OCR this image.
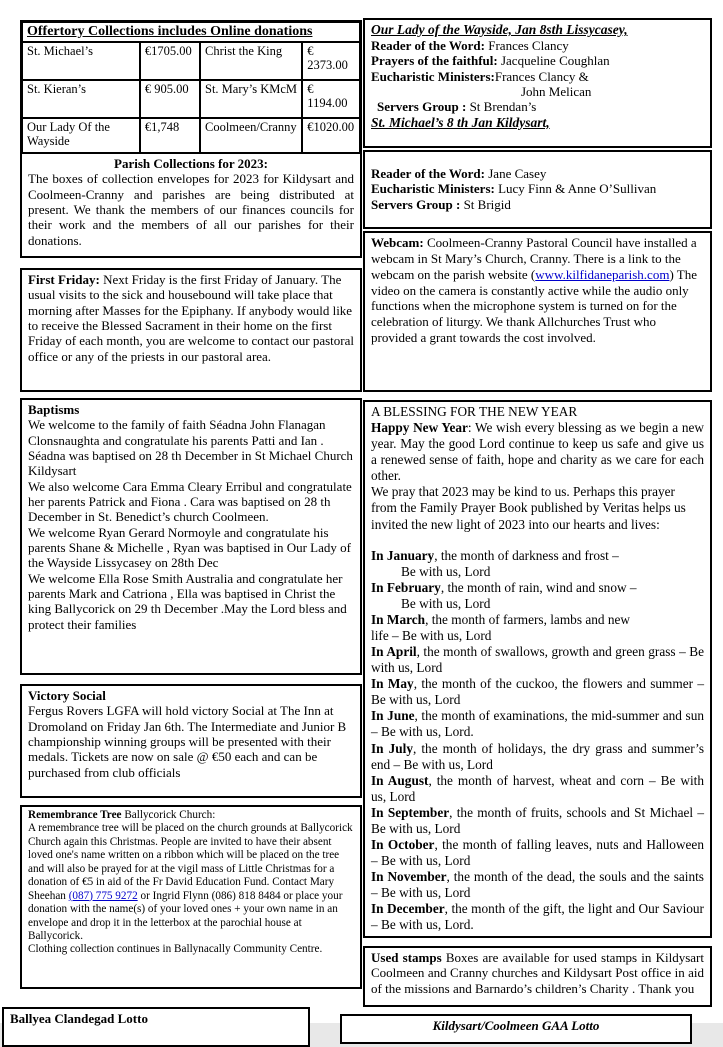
Offertory Collections includes Online donations			
St. Michael’s	€1705.00	Christ the King	€ 2373.00
St. Kieran’s	€ 905.00	St. Mary’s KMcM	€ 1194.00
Our Lady Of the Wayside	€1,748	Coolmeen/Cranny	€1020.00
Parish Collections for 2023:
The boxes of collection envelopes for 2023 for Kildysart and Coolmeen-Cranny and parishes are being distributed at present. We thank the members of our finances councils for their work and the members of all our parishes for their donations.
First Friday: Next Friday is the first Friday of January. The usual visits to the sick and housebound will take place that morning after Masses for the Epiphany. If anybody would like to receive the Blessed Sacrament in their home on the first Friday of each month, you are welcome to contact our pastoral office or any of the priests in our pastoral area.
Baptisms
We welcome to the family of faith Séadna John Flanagan Clonsnaughta and congratulate his parents Patti and Ian . Séadna was baptised on 28 th December in St Michael Church Kildysart
We also welcome Cara Emma Cleary Erribul and congratulate her parents Patrick and Fiona . Cara was baptised on 28 th December in St. Benedict’s church Coolmeen.
We welcome Ryan Gerard Normoyle and congratulate his parents Shane & Michelle , Ryan was baptised in Our Lady of the Wayside Lissycasey on 28th Dec
We welcome Ella Rose Smith Australia and congratulate her parents Mark and Catriona , Ella was baptised in Christ the king Ballycorick on 29 th December .May the Lord bless and protect their families
Victory Social
Fergus Rovers LGFA will hold victory Social at The Inn at Dromoland on Friday Jan 6th. The Intermediate and Junior B championship winning groups will be presented with their medals. Tickets are now on sale @ €50 each and can be purchased from club officials
Remembrance Tree Ballycorick Church:
A remembrance tree will be placed on the church grounds at Ballycorick Church again this Christmas. People are invited to have their absent loved one's name written on a ribbon which will be placed on the tree and will also be prayed for at the vigil mass of Little Christmas for a donation of €5 in aid of the Fr David Education Fund. Contact Mary Sheehan (087) 775 9272 or Ingrid Flynn (086) 818 8484 or place your donation with the name(s) of your loved ones + your own name in an envelope and drop it in the letterbox at the parochial house at Ballycorick.
Clothing collection continues in Ballynacally Community Centre.
Ballyea Clandegad Lotto
Our Lady of the Wayside, Jan 8sth Lissycasey,
Reader of the Word: Frances Clancy
Prayers of the faithful: Jacqueline Coughlan
Eucharistic Ministers:Frances Clancy &
John Melican
Servers Group : St Brendan’s
St. Michael’s 8 th Jan Kildysart,
Reader of the Word: Jane Casey
Eucharistic Ministers: Lucy Finn & Anne O’Sullivan
Servers Group : St Brigid
Webcam: Coolmeen-Cranny Pastoral Council have installed a webcam in St Mary’s Church, Cranny. There is a link to the webcam on the parish website (www.kilfidaneparish.com) The video on the camera is constantly active while the audio only functions when the microphone system is turned on for the celebration of liturgy. We thank Allchurches Trust who provided a grant towards the cost involved.
A BLESSING FOR THE NEW YEAR
Happy New Year: We wish every blessing as we begin a new year. May the good Lord continue to keep us safe and give us a renewed sense of faith, hope and charity as we care for each other.
We pray that 2023 may be kind to us. Perhaps this prayer from the Family Prayer Book published by Veritas helps us invited the new light of 2023 into our hearts and lives:
In January, the month of darkness and frost –
Be with us, Lord
In February, the month of rain, wind and snow –
Be with us, Lord
In March, the month of farmers, lambs and new
life – Be with us, Lord
In April, the month of swallows, growth and green grass – Be with us, Lord
In May, the month of the cuckoo, the flowers and summer – Be with us, Lord
In June, the month of examinations, the mid-summer and sun – Be with us, Lord.
In July, the month of holidays, the dry grass and summer’s end – Be with us, Lord
In August, the month of harvest, wheat and corn – Be with us, Lord
In September, the month of fruits, schools and St Michael – Be with us, Lord
In October, the month of falling leaves, nuts and Halloween – Be with us, Lord
In November, the month of the dead, the souls and the saints – Be with us, Lord
In December, the month of the gift, the light and Our Saviour – Be with us, Lord.
Used stamps Boxes are available for used stamps in Kildysart Coolmeen and Cranny churches and Kildysart Post office in aid of the missions and Barnardo’s children’s Charity . Thank you
Kildysart/Coolmeen GAA Lotto
